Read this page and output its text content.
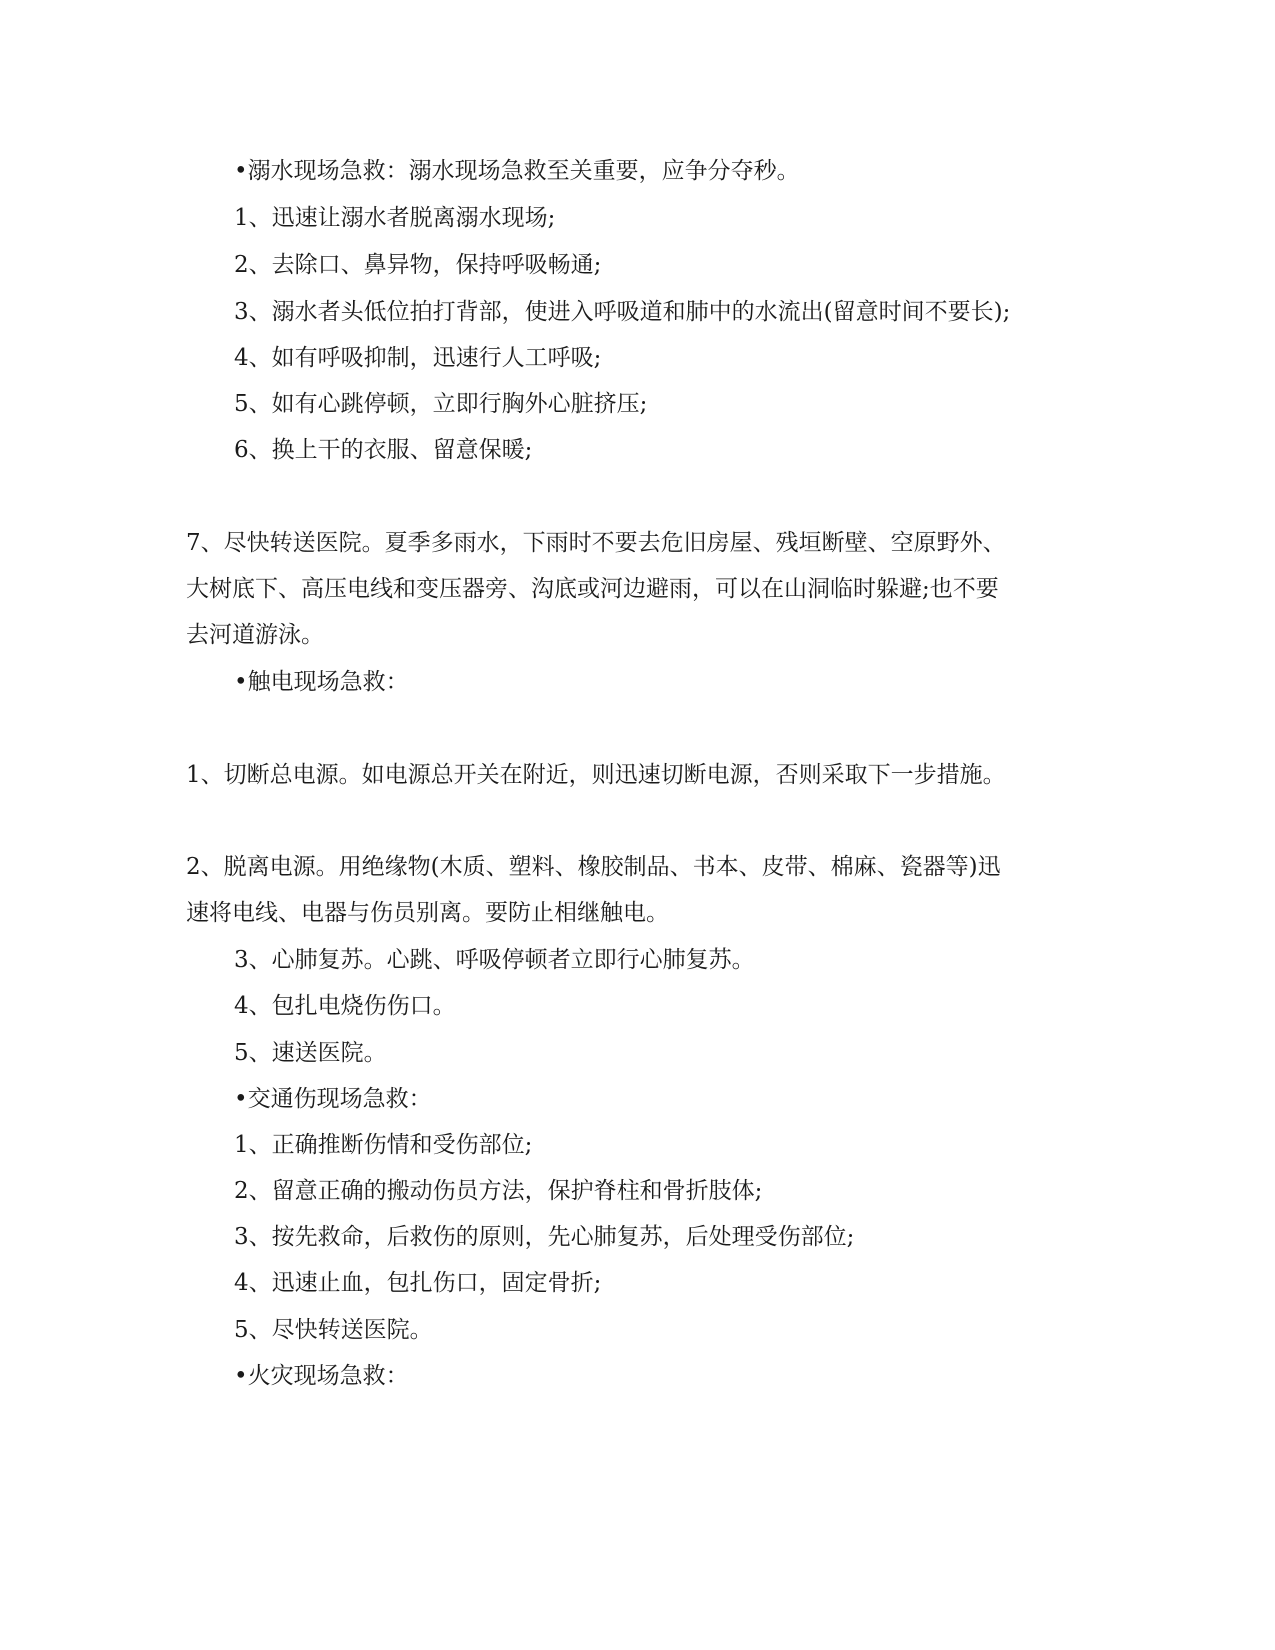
•溺水现场急救：溺水现场急救至关重要，应争分夺秒。
1、迅速让溺水者脱离溺水现场;
2、去除口、鼻异物，保持呼吸畅通;
3、溺水者头低位拍打背部，使进入呼吸道和肺中的水流出(留意时间不要长);
4、如有呼吸抑制，迅速行人工呼吸;
5、如有心跳停顿，立即行胸外心脏挤压;
6、换上干的衣服、留意保暖;
7、尽快转送医院。夏季多雨水，下雨时不要去危旧房屋、残垣断壁、空原野外、
大树底下、高压电线和变压器旁、沟底或河边避雨，可以在山洞临时躲避;也不要
去河道游泳。
•触电现场急救：
1、切断总电源。如电源总开关在附近，则迅速切断电源，否则采取下一步措施。
2、脱离电源。用绝缘物(木质、塑料、橡胶制品、书本、皮带、棉麻、瓷器等)迅
速将电线、电器与伤员别离。要防止相继触电。
3、心肺复苏。心跳、呼吸停顿者立即行心肺复苏。
4、包扎电烧伤伤口。
5、速送医院。
•交通伤现场急救：
1、正确推断伤情和受伤部位;
2、留意正确的搬动伤员方法，保护脊柱和骨折肢体;
3、按先救命，后救伤的原则，先心肺复苏，后处理受伤部位;
4、迅速止血，包扎伤口，固定骨折;
5、尽快转送医院。
•火灾现场急救：
